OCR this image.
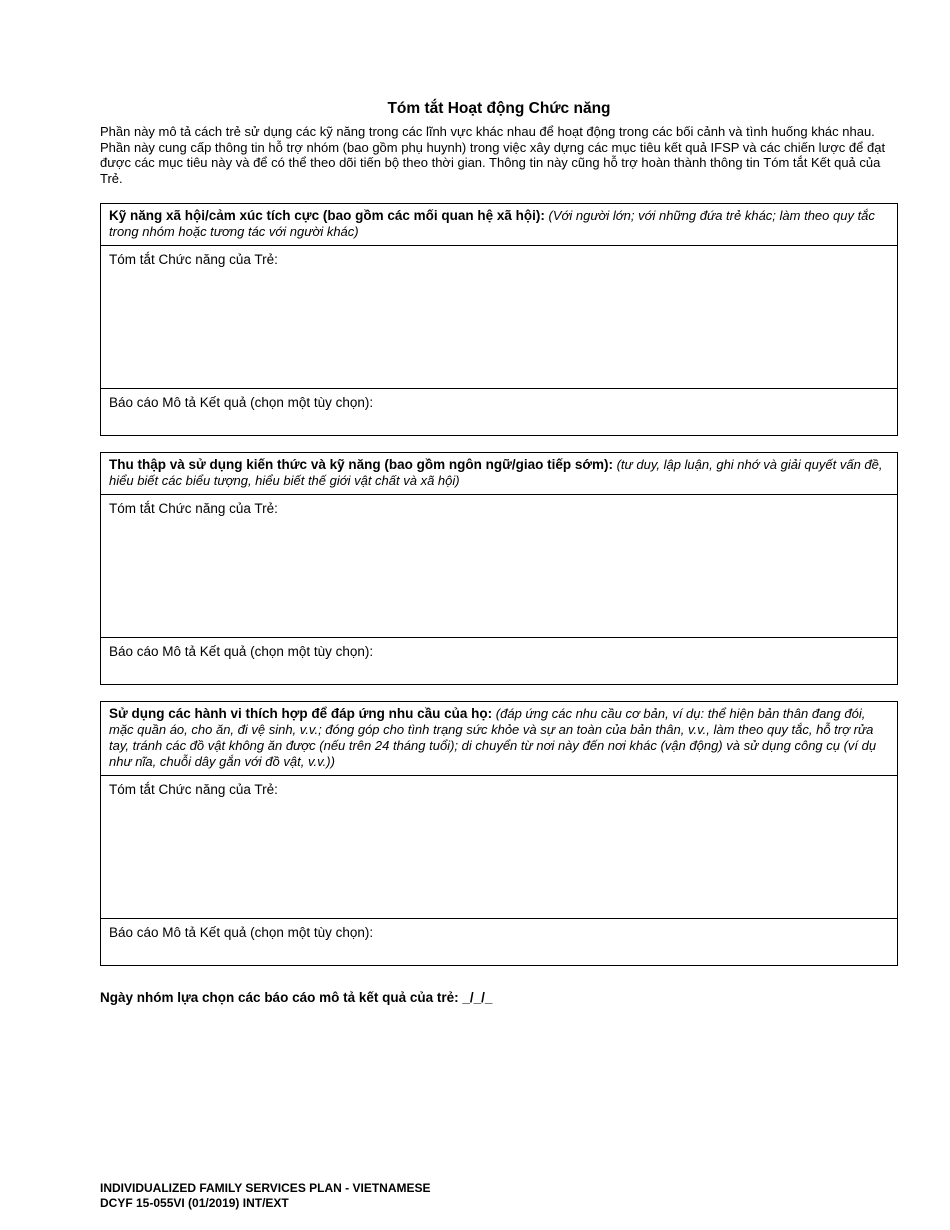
Tóm tắt Hoạt động Chức năng
Phần này mô tả cách trẻ sử dụng các kỹ năng trong các lĩnh vực khác nhau để hoạt động trong các bối cảnh và tình huống khác nhau. Phần này cung cấp thông tin hỗ trợ nhóm (bao gồm phụ huynh) trong việc xây dựng các mục tiêu kết quả IFSP và các chiến lược để đạt được các mục tiêu này và để có thể theo dõi tiến bộ theo thời gian. Thông tin này cũng hỗ trợ hoàn thành thông tin Tóm tắt Kết quả của Trẻ.
Kỹ năng xã hội/cảm xúc tích cực (bao gồm các mối quan hệ xã hội): (Với người lớn; với những đứa trẻ khác; làm theo quy tắc trong nhóm hoặc tương tác với người khác)
Tóm tắt Chức năng của Trẻ:
Báo cáo Mô tả Kết quả (chọn một tùy chọn):
Thu thập và sử dụng kiến thức và kỹ năng (bao gồm ngôn ngữ/giao tiếp sớm): (tư duy, lập luận, ghi nhớ và giải quyết vấn đề, hiểu biết các biểu tượng, hiểu biết thế giới vật chất và xã hội)
Tóm tắt Chức năng của Trẻ:
Báo cáo Mô tả Kết quả (chọn một tùy chọn):
Sử dụng các hành vi thích hợp để đáp ứng nhu cầu của họ: (đáp ứng các nhu cầu cơ bản, ví dụ: thể hiện bản thân đang đói, mặc quần áo, cho ăn, đi vệ sinh, v.v.; đóng góp cho tình trạng sức khỏe và sự an toàn của bản thân, v.v., làm theo quy tắc, hỗ trợ rửa tay, tránh các đồ vật không ăn được (nếu trên 24 tháng tuổi); di chuyển từ nơi này đến nơi khác (vận động) và sử dụng công cụ (ví dụ như nĩa, chuỗi dây gắn với đồ vật, v.v.))
Tóm tắt Chức năng của Trẻ:
Báo cáo Mô tả Kết quả (chọn một tùy chọn):
Ngày nhóm lựa chọn các báo cáo mô tả kết quả của trẻ: _/_/_
INDIVIDUALIZED FAMILY SERVICES PLAN - VIETNAMESE
DCYF 15-055VI (01/2019) INT/EXT
